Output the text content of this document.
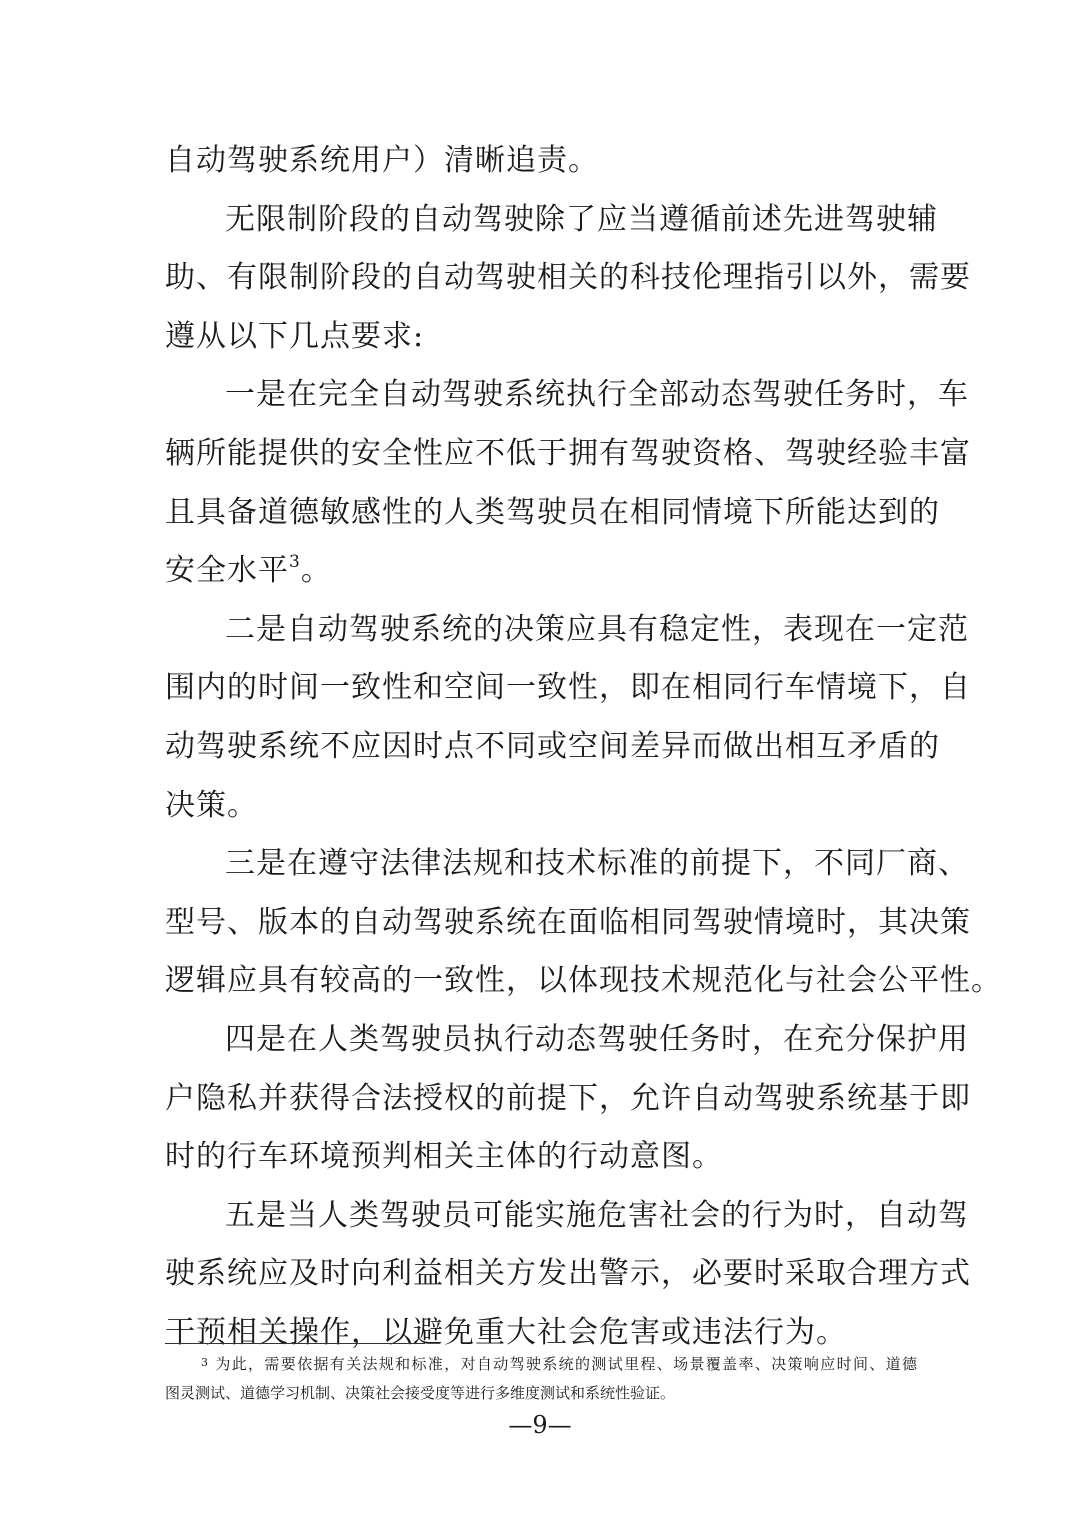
自动驾驶系统用户）清晰追责。
无限制阶段的自动驾驶除了应当遵循前述先进驾驶辅
助、有限制阶段的自动驾驶相关的科技伦理指引以外，需要
遵从以下几点要求:
一是在完全自动驾驶系统执行全部动态驾驶任务时，车
辆所能提供的安全性应不低于拥有驾驶资格、驾驶经验丰富
且具备道德敏感性的人类驾驶员在相同情境下所能达到的
安全水平$^3$。
二是自动驾驶系统的决策应具有稳定性，表现在一定范
围内的时间一致性和空间一致性，即在相同行车情境下，自
动驾驶系统不应因时点不同或空间差异而做出相互矛盾的
决策。
三是在遵守法律法规和技术标准的前提下，不同厂商、
型号、版本的自动驾驶系统在面临相同驾驶情境时，其决策
逻辑应具有较高的一致性，以体现技术规范化与社会公平性。
四是在人类驾驶员执行动态驾驶任务时，在充分保护用
户隐私并获得合法授权的前提下，允许自动驾驶系统基于即
时的行车环境预判相关主体的行动意图。
五是当人类驾驶员可能实施危害社会的行为时，自动驾
驶系统应及时向利益相关方发出警示，必要时采取合理方式
干预相关操作，以避免重大社会危害或违法行为。
$^3$ 为此，需要依据有关法规和标准，对自动驾驶系统的测试里程、场景覆盖率、决策响应时间、道德
图灵测试、道德学习机制、决策社会接受度等进行多维度测试和系统性验证。
—9—
